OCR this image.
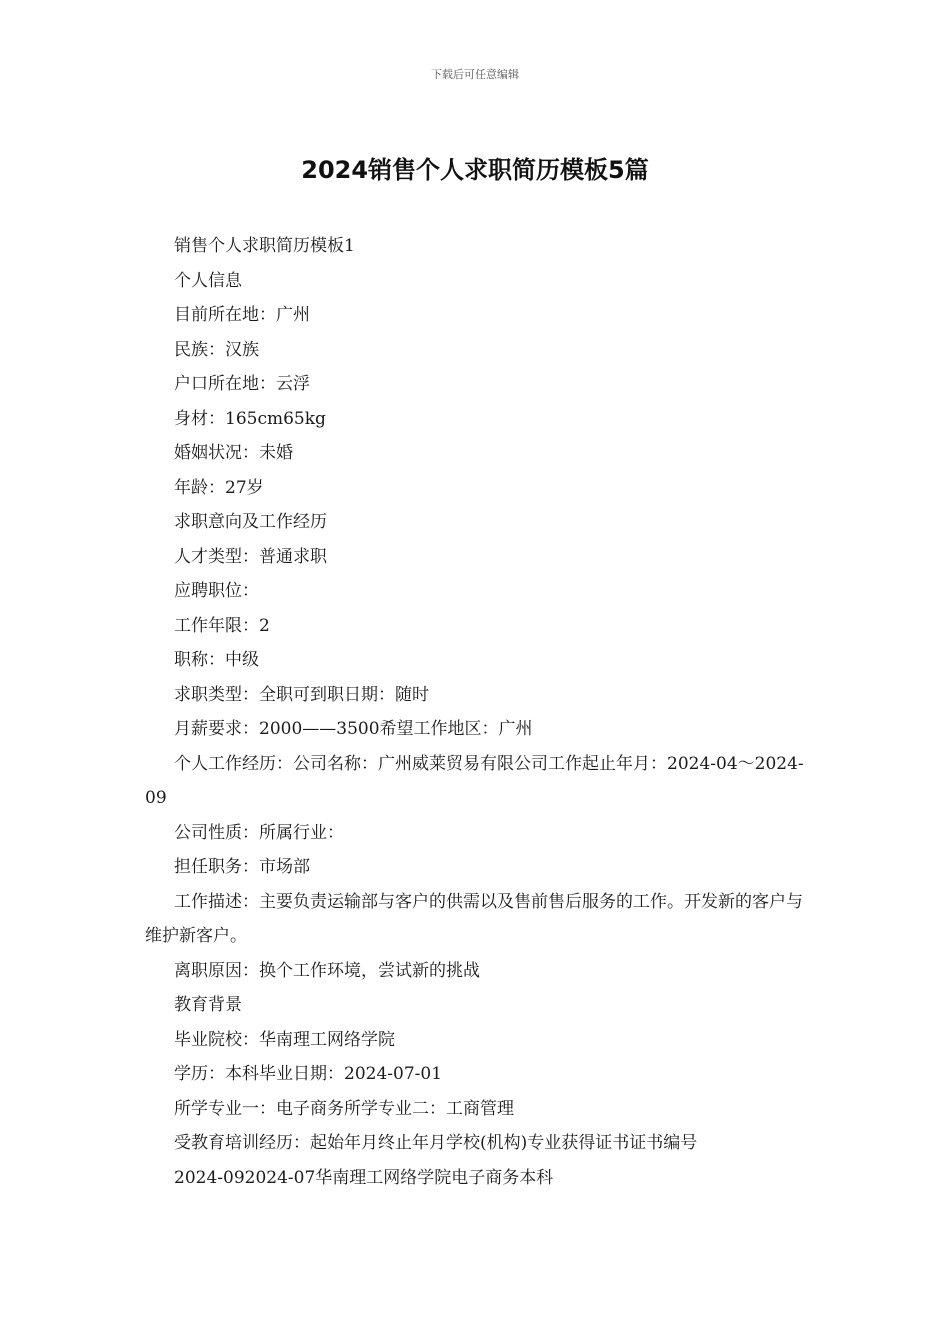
下载后可任意编辑
2024销售个人求职简历模板5篇

销售个人求职简历模板1

个人信息

目前所在地：广州

民族：汉族

户口所在地：云浮

身材：165cm65kg

婚姻状况：未婚

年龄：27岁

求职意向及工作经历

人才类型：普通求职

应聘职位：

工作年限：2

职称：中级

求职类型：全职可到职日期：随时

月薪要求：2000——3500希望工作地区：广州

个人工作经历：公司名称：广州威莱贸易有限公司工作起止年月：2024-04～2024-09

公司性质：所属行业：

担任职务：市场部

工作描述：主要负责运输部与客户的供需以及售前售后服务的工作。开发新的客户与维护新客户。

离职原因：换个工作环境，尝试新的挑战

教育背景

毕业院校：华南理工网络学院

学历：本科毕业日期：2024-07-01

所学专业一：电子商务所学专业二：工商管理

受教育培训经历：起始年月终止年月学校(机构)专业获得证书证书编号

2024-092024-07华南理工网络学院电子商务本科
